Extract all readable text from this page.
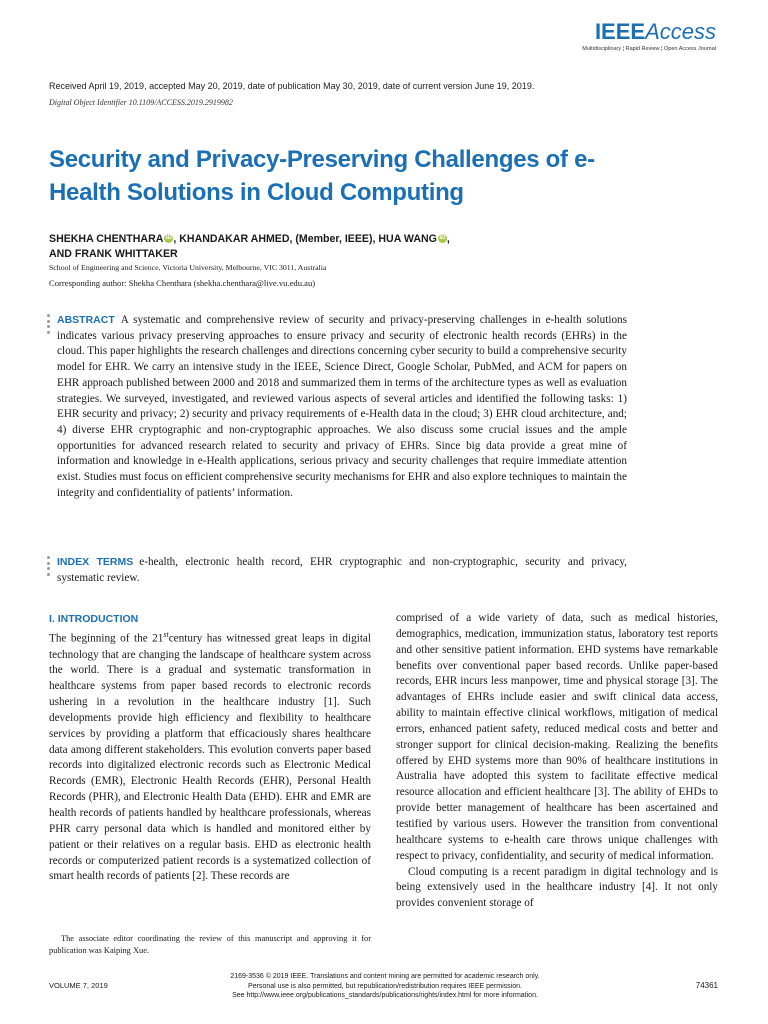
IEEEAccess
Multidisciplinary ¦ Rapid Review ¦ Open Access Journal
Received April 19, 2019, accepted May 20, 2019, date of publication May 30, 2019, date of current version June 19, 2019.
Digital Object Identifier 10.1109/ACCESS.2019.2919982
Security and Privacy-Preserving Challenges of e-Health Solutions in Cloud Computing
SHEKHA CHENTHARA iD , KHANDAKAR AHMED, (Member, IEEE), HUA WANG iD ,
AND FRANK WHITTAKER
School of Engineering and Science, Victoria University, Melbourne, VIC 3011, Australia
Corresponding author: Shekha Chenthara (shekha.chenthara@live.vu.edu.au)

ABSTRACT A systematic and comprehensive review of security and privacy-preserving challenges in e-health solutions indicates various privacy preserving approaches to ensure privacy and security of electronic health records (EHRs) in the cloud. This paper highlights the research challenges and directions concerning cyber security to build a comprehensive security model for EHR. We carry an intensive study in the IEEE, Science Direct, Google Scholar, PubMed, and ACM for papers on EHR approach published between 2000 and 2018 and summarized them in terms of the architecture types as well as evaluation strategies. We surveyed, investigated, and reviewed various aspects of several articles and identified the following tasks: 1) EHR security and privacy; 2) security and privacy requirements of e-Health data in the cloud; 3) EHR cloud architecture, and; 4) diverse EHR cryptographic and non-cryptographic approaches. We also discuss some crucial issues and the ample opportunities for advanced research related to security and privacy of EHRs. Since big data provide a great mine of information and knowledge in e-Health applications, serious privacy and security challenges that require immediate attention exist. Studies must focus on efficient comprehensive security mechanisms for EHR and also explore techniques to maintain the integrity and confidentiality of patients’ information.

INDEX TERMS e-health, electronic health record, EHR cryptographic and non-cryptographic, security and privacy, systematic review.

I. INTRODUCTION

The beginning of the 21stcentury has witnessed great leaps in digital technology that are changing the landscape of healthcare system across the world. There is a gradual and systematic transformation in healthcare systems from paper based records to electronic records ushering in a revolution in the healthcare industry [1]. Such developments provide high efficiency and flexibility to healthcare services by providing a platform that efficaciously shares healthcare data among different stakeholders. This evolution converts paper based records into digitalized electronic records such as Electronic Medical Records (EMR), Electronic Health Records (EHR), Personal Health Records (PHR), and Electronic Health Data (EHD). EHR and EMR are health records of patients handled by healthcare professionals, whereas PHR carry personal data which is handled and monitored either by patient or their relatives on a regular basis. EHD as electronic health records or computerized patient records is a systematized collection of smart health records of patients [2]. These records are

comprised of a wide variety of data, such as medical histories, demographics, medication, immunization status, laboratory test reports and other sensitive patient information. EHD systems have remarkable benefits over conventional paper based records. Unlike paper-based records, EHR incurs less manpower, time and physical storage [3]. The advantages of EHRs include easier and swift clinical data access, ability to maintain effective clinical workflows, mitigation of medical errors, enhanced patient safety, reduced medical costs and better and stronger support for clinical decision-making. Realizing the benefits offered by EHD systems more than 90% of healthcare institutions in Australia have adopted this system to facilitate effective medical resource allocation and efficient healthcare [3]. The ability of EHDs to provide better management of healthcare has been ascertained and testified by various users. However the transition from conventional healthcare systems to e-health care throws unique challenges with respect to privacy, confidentiality, and security of medical information.

Cloud computing is a recent paradigm in digital technology and is being extensively used in the healthcare industry [4]. It not only provides convenient storage of

The associate editor coordinating the review of this manuscript and approving it for publication was Kaiping Xue.
VOLUME 7, 2019
2169-3536 © 2019 IEEE. Translations and content mining are permitted for academic research only.
Personal use is also permitted, but republication/redistribution requires IEEE permission.
See http://www.ieee.org/publications_standards/publications/rights/index.html for more information.
74361
